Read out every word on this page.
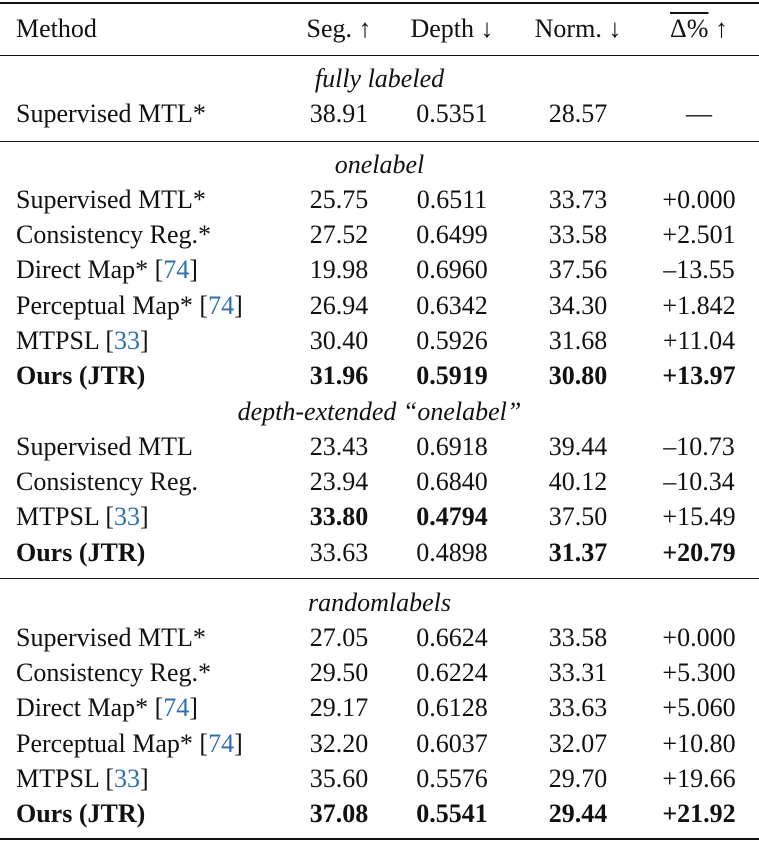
Method	Seg. ↑ Depth ↓ Norm. ↓	Δ% ↑
fully labeled
Supervised MTL*	38.91	0.5351	28.57	—
onelabel
Supervised MTL*	25.75	0.6511	33.73	+0.000
Consistency Reg.*	27.52	0.6499	33.58	+2.501
Direct Map* [74]	19.98	0.6960	37.56	–13.55
Perceptual Map* [74]	26.94	0.6342	34.30	+1.842
MTPSL [33]	30.40	0.5926	31.68	+11.04
Ours (JTR)	31.96	0.5919	30.80	+13.97
depth-extended “onelabel”
Supervised MTL	23.43	0.6918	39.44	–10.73
Consistency Reg.	23.94	0.6840	40.12	–10.34
MTPSL [33]	33.80	0.4794	37.50	+15.49
Ours (JTR)	33.63	0.4898	31.37	+20.79
randomlabels
Supervised MTL*	27.05	0.6624	33.58	+0.000
Consistency Reg.*	29.50	0.6224	33.31	+5.300
Direct Map* [74]	29.17	0.6128	33.63	+5.060
Perceptual Map* [74]	32.20	0.6037	32.07	+10.80
MTPSL [33]	35.60	0.5576	29.70	+19.66
Ours (JTR)	37.08	0.5541	29.44	+21.92
